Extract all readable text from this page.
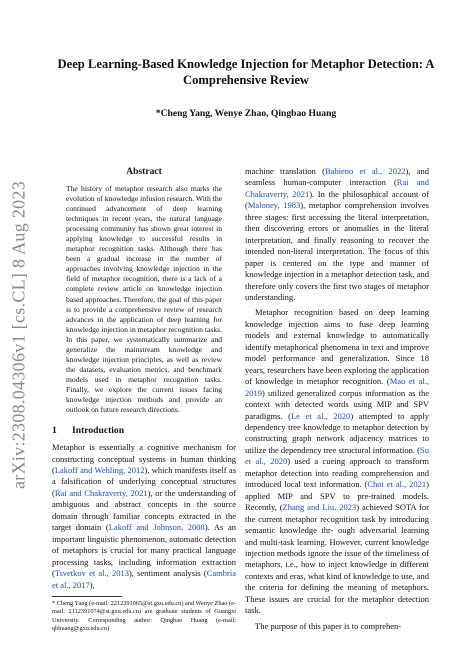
arXiv:2308.04306v1 [cs.CL] 8 Aug 2023
Deep Learning-Based Knowledge Injection for Metaphor Detection: A Comprehensive Review
*Cheng Yang, Wenye Zhao, Qingbao Huang
Abstract

The history of metaphor research also marks the evolution of knowledge infusion research. With the continued advancement of deep learning techniques in recent years, the natural language processing community has shown great interest in applying knowledge to successful results in metaphor recognition tasks. Although there has been a gradual increase in the number of approaches involving knowledge injection in the field of metaphor recognition, there is a lack of a complete review article on knowledge injection based approaches. Therefore, the goal of this paper is to provide a comprehensive review of research advances in the application of deep learning for knowledge injection in metaphor recognition tasks. In this paper, we systematically summarize and generalize the mainstream knowledge and knowledge injection principles, as well as review the datasets, evaluation metrics, and benchmark models used in metaphor recognition tasks. Finally, we explore the current issues facing knowledge injection methods and provide an outlook on future research directions.

1 Introduction

Metaphor is essentially a cognitive mechanism for constructing conceptual systems in human thinking (Lakoff and Wehling, 2012), which manifests itself as a falsification of underlying conceptual structures (Rai and Chakraverty, 2021), or the understanding of ambiguous and abstract concepts in the source domain through familiar concepts extracted in the target domain (Lakoff and Johnson, 2008). As an important linguistic phenomenon, automatic detection of metaphors is crucial for many practical language processing tasks, including information extraction (Tsvetkov et al., 2013), sentiment analysis (Cambria et al., 2017),

* Cheng Yang (e-mail: 2212391065@st.gxu.edu.cn) and Wenye Zhao (e-mail: 2112391074@st.gxu.edu.cn) are graduate students of Guangxi University. Corresponding author: Qingbao Huang (e-mail: qbhuang@gxu.edu.cn)

machine translation (Babieno et al., 2022), and seamless human-computer interaction (Rai and Chakraverty, 2021). In the philosophical account of (Maloney, 1983), metaphor comprehension involves three stages: first accessing the literal interpretation, then discovering errors or anomalies in the literal interpretation, and finally reasoning to recover the intended non-literal interpretation. The focus of this paper is centered on the type and manner of knowledge injection in a metaphor detection task, and therefore only covers the first two stages of metaphor understanding.

Metaphor recognition based on deep learning knowledge injection aims to fuse deep learning models and external knowledge to automatically identify metaphorical phenomena in text and improve model performance and generalization. Since 18 years, researchers have been exploring the application of knowledge in metaphor recognition. (Mao et al., 2019) utilized generalized corpus information as the context with detected words using MIP and SPV paradigms. (Le et al., 2020) attempted to apply dependency tree knowledge to metaphor detection by constructing graph network adjacency matrices to utilize the dependency tree structural information. (Su et al., 2020) used a cueing approach to transform metaphor detection into reading comprehension and introduced local text information. (Choi et al., 2021) applied MIP and SPV to pre-trained models. Recently, (Zhang and Liu, 2023) achieved SOTA for the current metaphor recognition task by introducing semantic knowledge thr- ough adversarial learning and multi-task learning. However, current knowledge injection methods ignore the issue of the timeliness of metaphors, i.e., how to inject knowledge in different contexts and eras, what kind of knowledge to use, and the criteria for defining the meaning of metaphors. These issues are crucial for the metaphor detection task.

The purpose of this paper is to comprehen-
